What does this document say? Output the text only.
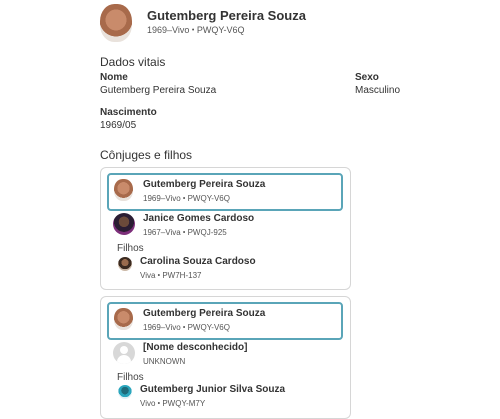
Gutemberg Pereira Souza
1969–Vivo • PWQY-V6Q
Dados vitais
Nome
Gutemberg Pereira Souza
Sexo
Masculino
Nascimento
1969/05
Cônjuges e filhos
Gutemberg Pereira Souza
1969–Vivo • PWQY-V6Q
Janice Gomes Cardoso
1967–Viva • PWQJ-925
Filhos
Carolina Souza Cardoso
Viva • PW7H-137
Gutemberg Pereira Souza
1969–Vivo • PWQY-V6Q
[Nome desconhecido]
UNKNOWN
Filhos
Gutemberg Junior Silva Souza
Vivo • PWQY-M7Y
